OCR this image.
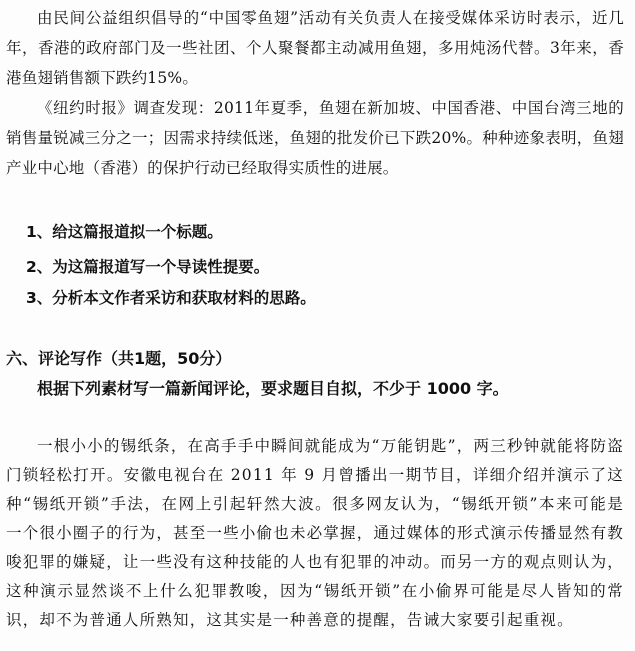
由民间公益组织倡导的“中国零鱼翅”活动有关负责人在接受媒体采访时表示，近几年，香港的政府部门及一些社团、个人聚餐都主动减用鱼翅，多用炖汤代替。3年来，香港鱼翅销售额下跌约15%。

《纽约时报》调查发现：2011年夏季，鱼翅在新加坡、中国香港、中国台湾三地的销售量锐减三分之一；因需求持续低迷，鱼翅的批发价已下跌20%。种种迹象表明，鱼翅产业中心地（香港）的保护行动已经取得实质性的进展。

1、给这篇报道拟一个标题。

2、为这篇报道写一个导读性提要。

3、分析本文作者采访和获取材料的思路。

六、评论写作（共1题，50分）

根据下列素材写一篇新闻评论，要求题目自拟，不少于 1000 字。

一根小小的锡纸条，在高手手中瞬间就能成为“万能钥匙”，两三秒钟就能将防盗门锁轻松打开。安徽电视台在 2011 年 9 月曾播出一期节目，详细介绍并演示了这种“锡纸开锁”手法，在网上引起轩然大波。很多网友认为，“锡纸开锁”本来可能是一个很小圈子的行为，甚至一些小偷也未必掌握，通过媒体的形式演示传播显然有教唆犯罪的嫌疑，让一些没有这种技能的人也有犯罪的冲动。而另一方的观点则认为，这种演示显然谈不上什么犯罪教唆，因为“锡纸开锁”在小偷界可能是尽人皆知的常识，却不为普通人所熟知，这其实是一种善意的提醒，告诫大家要引起重视。
